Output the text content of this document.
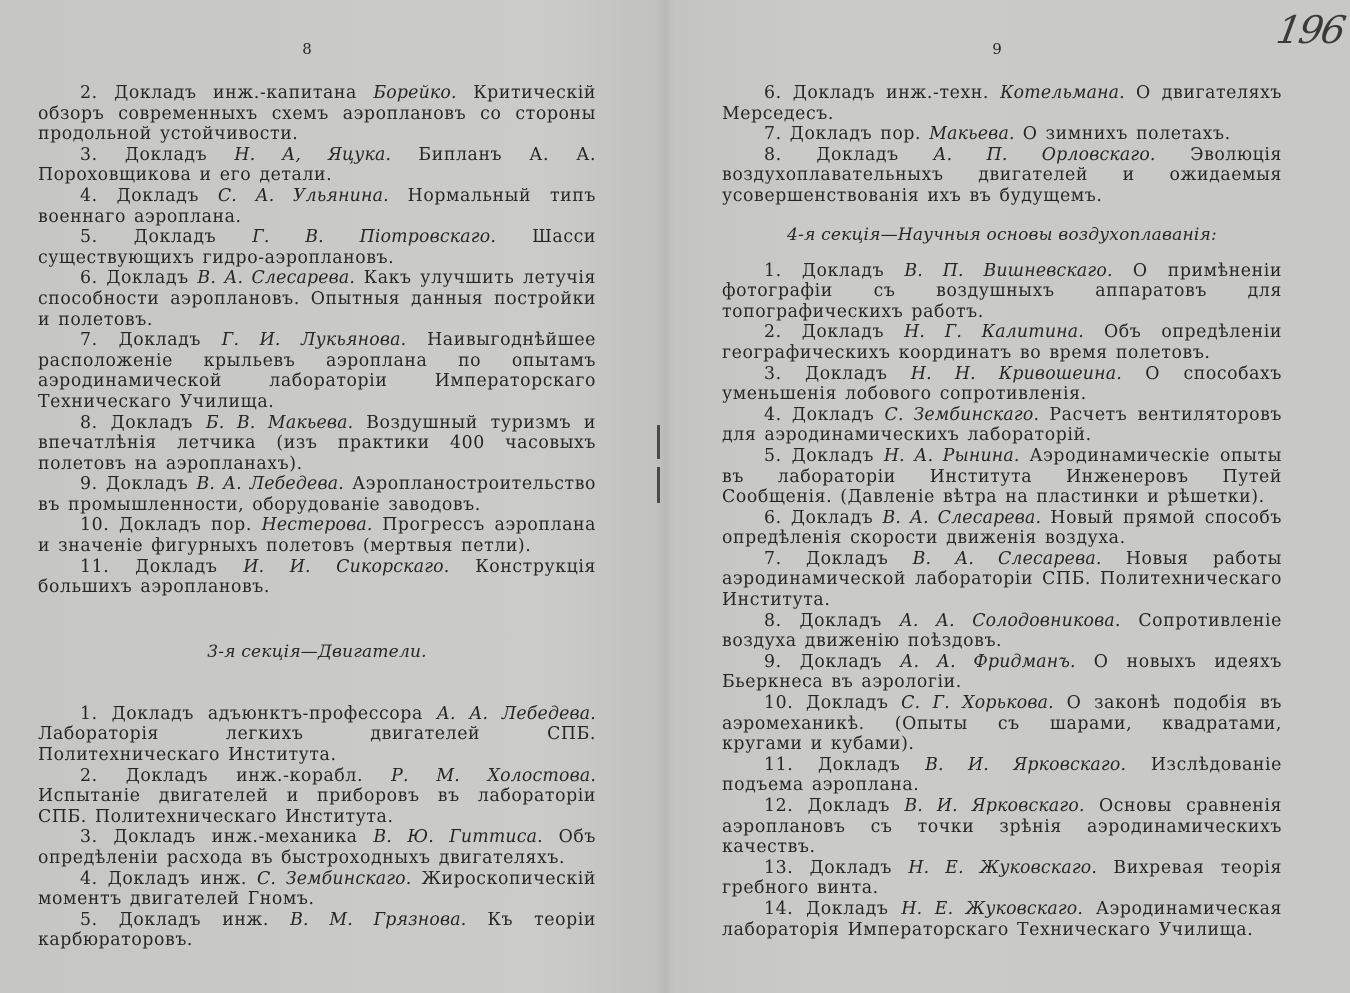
8

2. Докладъ инж.-капитана Борейко. Критическій обзоръ современныхъ схемъ аэроплановъ со стороны продольной устойчивости.

3. Докладъ Н. А, Яцука. Бипланъ А. А. Пороховщикова и его детали.

4. Докладъ С. А. Ульянина. Нормальный типъ военнаго аэроплана.

5. Докладъ Г. В. Піотровскаго. Шасси существующихъ гидро-аэроплановъ.

6. Докладъ В. А. Слесарева. Какъ улучшить летучія способности аэроплановъ. Опытныя данныя постройки и полетовъ.

7. Докладъ Г. И. Лукьянова. Наивыгоднѣйшее расположеніе крыльевъ аэроплана по опытамъ аэродинамической лабораторіи Императорскаго Техническаго Училища.

8. Докладъ Б. В. Макьева. Воздушный туризмъ и впечатлѣнія летчика (изъ практики 400 часовыхъ полетовъ на аэропланахъ).

9. Докладъ В. А. Лебедева. Аэропланостроительство въ промышленности, оборудованіе заводовъ.

10. Докладъ пор. Нестерова. Прогрессъ аэроплана и значеніе фигурныхъ полетовъ (мертвыя петли).

11. Докладъ И. И. Сикорскаго. Конструкція большихъ аэроплановъ.

3-я секція—Двигатели.

1. Докладъ адъюнктъ-профессора А. А. Лебедева. Лабораторія легкихъ двигателей СПБ. Политехническаго Института.

2. Докладъ инж.-корабл. Р. М. Холостова. Испытаніе двигателей и приборовъ въ лабораторіи СПБ. Политехническаго Института.

3. Докладъ инж.-механика В. Ю. Гиттиса. Объ опредѣленіи расхода въ быстроходныхъ двигателяхъ.

4. Докладъ инж. С. Зембинскаго. Жироскопическій моментъ двигателей Гномъ.

5. Докладъ инж. В. М. Грязнова. Къ теоріи карбюраторовъ.

9

6. Докладъ инж.-техн. Котельмана. О двигателяхъ Мерседесъ.

7. Докладъ пор. Макьева. О зимнихъ полетахъ.

8. Докладъ А. П. Орловскаго. Эволюція воздухоплавательныхъ двигателей и ожидаемыя усовершенствованія ихъ въ будущемъ.

4-я секція—Научныя основы воздухоплаванія:

1. Докладъ В. П. Вишневскаго. О примѣненіи фотографіи съ воздушныхъ аппаратовъ для топографическихъ работъ.

2. Докладъ Н. Г. Калитина. Объ опредѣленіи географическихъ координатъ во время полетовъ.

3. Докладъ Н. Н. Кривошеина. О способахъ уменьшенія лобового сопротивленія.

4. Докладъ С. Зембинскаго. Расчетъ вентиляторовъ для аэродинамическихъ лабораторій.

5. Докладъ Н. А. Рынина. Аэродинамическіе опыты въ лабораторіи Института Инженеровъ Путей Сообщенія. (Давленіе вѣтра на пластинки и рѣшетки).

6. Докладъ В. А. Слесарева. Новый прямой способъ опредѣленія скорости движенія воздуха.

7. Докладъ В. А. Слесарева. Новыя работы аэродинамической лабораторіи СПБ. Политехническаго Института.

8. Докладъ А. А. Солодовникова. Сопротивленіе воздуха движенію поѣздовъ.

9. Докладъ А. А. Фридманъ. О новыхъ идеяхъ Бьеркнеса въ аэрологіи.

10. Докладъ С. Г. Хорькова. О законѣ подобія въ аэромеханикѣ. (Опыты съ шарами, квадратами, кругами и кубами).

11. Докладъ В. И. Ярковскаго. Изслѣдованіе подъема аэроплана.

12. Докладъ В. И. Ярковскаго. Основы сравненія аэроплановъ съ точки зрѣнія аэродинамическихъ качествъ.

13. Докладъ Н. Е. Жуковскаго. Вихревая теорія гребного винта.

14. Докладъ Н. Е. Жуковскаго. Аэродинамическая лабораторія Императорскаго Техническаго Училища.

196
